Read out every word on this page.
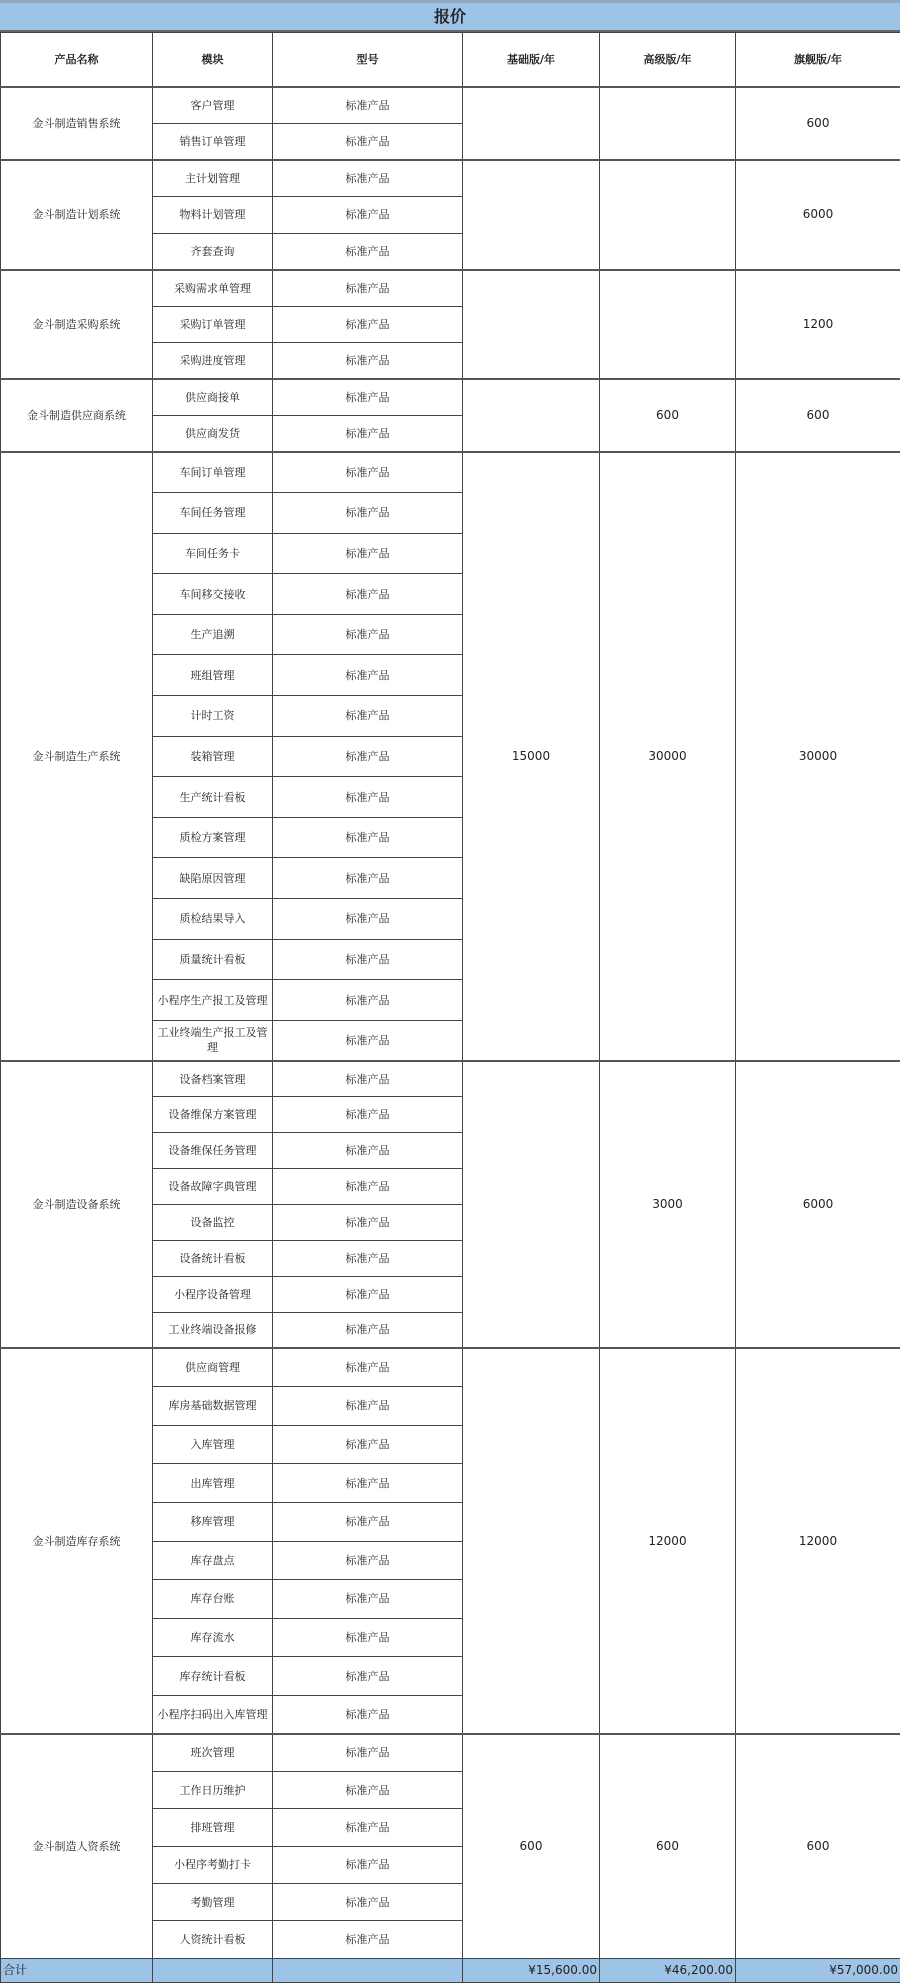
报价
产品名称	模块	型号	基础版/年	高级版/年	旗舰版/年
金斗制造销售系统	客户管理	标准产品			600
销售订单管理	标准产品
金斗制造计划系统	主计划管理	标准产品			6000
物料计划管理	标准产品
齐套查询	标准产品
金斗制造采购系统	采购需求单管理	标准产品			1200
采购订单管理	标准产品
采购进度管理	标准产品
金斗制造供应商系统	供应商接单	标准产品		600	600
供应商发货	标准产品
金斗制造生产系统	车间订单管理	标准产品	15000	30000	30000
车间任务管理	标准产品
车间任务卡	标准产品
车间移交接收	标准产品
生产追溯	标准产品
班组管理	标准产品
计时工资	标准产品
装箱管理	标准产品
生产统计看板	标准产品
质检方案管理	标准产品
缺陷原因管理	标准产品
质检结果导入	标准产品
质量统计看板	标准产品
小程序生产报工及管理	标准产品
工业终端生产报工及管理	标准产品
金斗制造设备系统	设备档案管理	标准产品		3000	6000
设备维保方案管理	标准产品
设备维保任务管理	标准产品
设备故障字典管理	标准产品
设备监控	标准产品
设备统计看板	标准产品
小程序设备管理	标准产品
工业终端设备报修	标准产品
金斗制造库存系统	供应商管理	标准产品		12000	12000
库房基础数据管理	标准产品
入库管理	标准产品
出库管理	标准产品
移库管理	标准产品
库存盘点	标准产品
库存台账	标准产品
库存流水	标准产品
库存统计看板	标准产品
小程序扫码出入库管理	标准产品
金斗制造人资系统	班次管理	标准产品	600	600	600
工作日历维护	标准产品
排班管理	标准产品
小程序考勤打卡	标准产品
考勤管理	标准产品
人资统计看板	标准产品
合计			¥15,600.00	¥46,200.00	¥57,000.00
